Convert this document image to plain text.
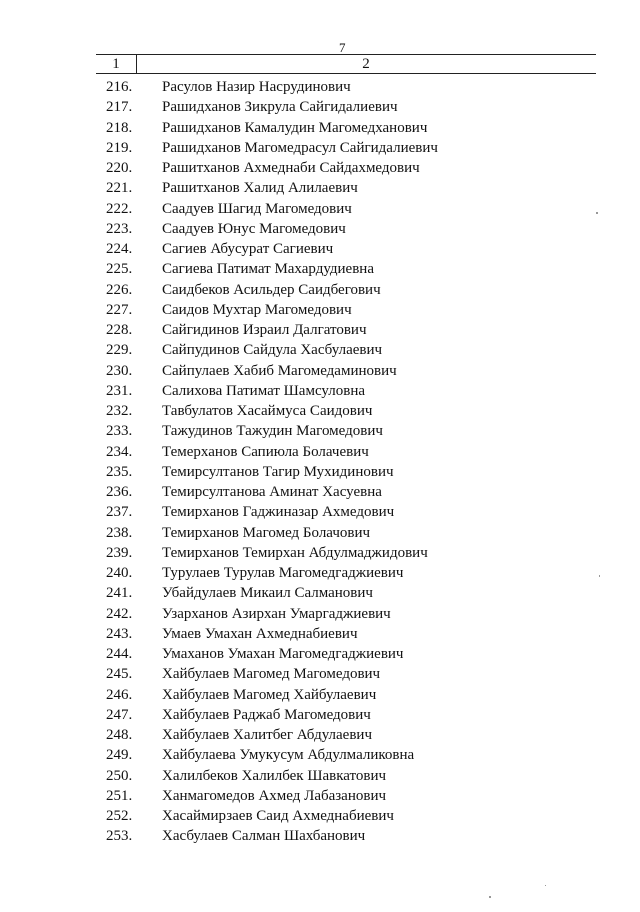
7
1	2
216.	Расулов Назир Насрудинович
217.	Рашидханов Зикрула Сайгидалиевич
218.	Рашидханов Камалудин Магомедханович
219.	Рашидханов Магомедрасул Сайгидалиевич
220.	Рашитханов Ахмеднаби Сайдахмедович
221.	Рашитханов Халид Алилаевич
222.	Саадуев Шагид Магомедович
223.	Саадуев Юнус Магомедович
224.	Сагиев Абусурат Сагиевич
225.	Сагиева Патимат Махардудиевна
226.	Саидбеков Асильдер Саидбегович
227.	Саидов Мухтар Магомедович
228.	Сайгидинов Израил Далгатович
229.	Сайпудинов Сайдула Хасбулаевич
230.	Сайпулаев Хабиб Магомедаминович
231.	Салихова Патимат Шамсуловна
232.	Тавбулатов Хасаймуса Саидович
233.	Тажудинов Тажудин Магомедович
234.	Темерханов Сапиюла Болачевич
235.	Темирсултанов Тагир Мухидинович
236.	Темирсултанова Аминат Хасуевна
237.	Темирханов Гаджиназар Ахмедович
238.	Темирханов Магомед Болачович
239.	Темирханов Темирхан Абдулмаджидович
240.	Турулаев Турулав Магомедгаджиевич
241.	Убайдулаев Микаил Салманович
242.	Узарханов Азирхан Умаргаджиевич
243.	Умаев Умахан Ахмеднабиевич
244.	Умаханов Умахан Магомедгаджиевич
245.	Хайбулаев Магомед Магомедович
246.	Хайбулаев Магомед Хайбулаевич
247.	Хайбулаев Раджаб Магомедович
248.	Хайбулаев Халитбег Абдулаевич
249.	Хайбулаева Умукусум Абдулмаликовна
250.	Халилбеков Халилбек Шавкатович
251.	Ханмагомедов Ахмед Лабазанович
252.	Хасаймирзаев Саид Ахмеднабиевич
253.	Хасбулаев Салман Шахбанович
